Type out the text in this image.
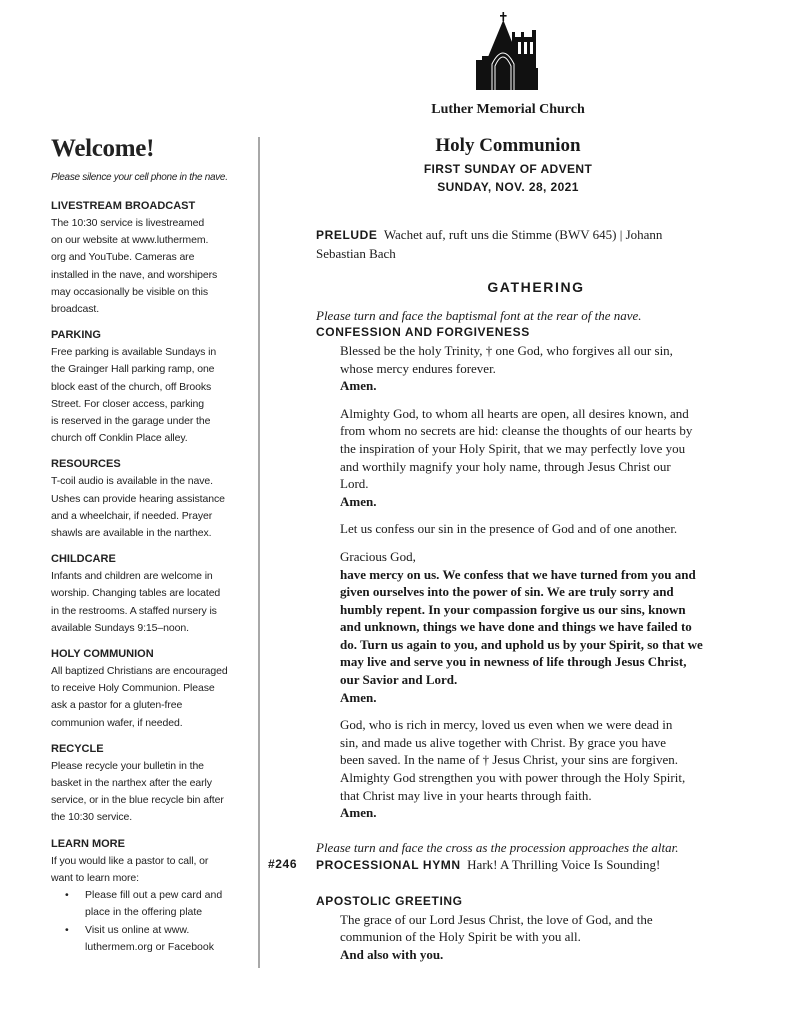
Luther Memorial Church
Welcome!
Please silence your cell phone in the nave.
LIVESTREAM BROADCAST
The 10:30 service is livestreamed
on our website at www.luthermem.
org and YouTube. Cameras are
installed in the nave, and worshipers
may occasionally be visible on this
broadcast.
PARKING
Free parking is available Sundays in
the Grainger Hall parking ramp, one
block east of the church, off Brooks
Street. For closer access, parking
is reserved in the garage under the
church off Conklin Place alley.
RESOURCES
T-coil audio is available in the nave.
Ushes can provide hearing assistance
and a wheelchair, if needed. Prayer
shawls are available in the narthex.
CHILDCARE
Infants and children are welcome in
worship. Changing tables are located
in the restrooms. A staffed nursery is
available Sundays 9:15–noon.
HOLY COMMUNION
All baptized Christians are encouraged
to receive Holy Communion. Please
ask a pastor for a gluten-free
communion wafer, if needed.
RECYCLE
Please recycle your bulletin in the
basket in the narthex after the early
service, or in the blue recycle bin after
the 10:30 service.
LEARN MORE
If you would like a pastor to call, or
want to learn more:
• Please fill out a pew card and
place in the offering plate
• Visit us online at www.
luthermem.org or Facebook
Holy Communion
FIRST SUNDAY OF ADVENT
SUNDAY, NOV. 28, 2021
PRELUDE Wachet auf, ruft uns die Stimme (BWV 645) | Johann
Sebastian Bach
GATHERING
Please turn and face the baptismal font at the rear of the nave.
CONFESSION AND FORGIVENESS
Blessed be the holy Trinity, † one God, who forgives all our sin,
whose mercy endures forever.
Amen.
Almighty God, to whom all hearts are open, all desires known, and
from whom no secrets are hid: cleanse the thoughts of our hearts by
the inspiration of your Holy Spirit, that we may perfectly love you
and worthily magnify your holy name, through Jesus Christ our
Lord.
Amen.
Let us confess our sin in the presence of God and of one another.
Gracious God,
have mercy on us. We confess that we have turned from you and
given ourselves into the power of sin. We are truly sorry and
humbly repent. In your compassion forgive us our sins, known
and unknown, things we have done and things we have failed to
do. Turn us again to you, and uphold us by your Spirit, so that we
may live and serve you in newness of life through Jesus Christ,
our Savior and Lord.
Amen.
God, who is rich in mercy, loved us even when we were dead in
sin, and made us alive together with Christ. By grace you have
been saved. In the name of † Jesus Christ, your sins are forgiven.
Almighty God strengthen you with power through the Holy Spirit,
that Christ may live in your hearts through faith.
Amen.
Please turn and face the cross as the procession approaches the altar.
#246 PROCESSIONAL HYMN Hark! A Thrilling Voice Is Sounding!
APOSTOLIC GREETING
The grace of our Lord Jesus Christ, the love of God, and the
communion of the Holy Spirit be with you all.
And also with you.
